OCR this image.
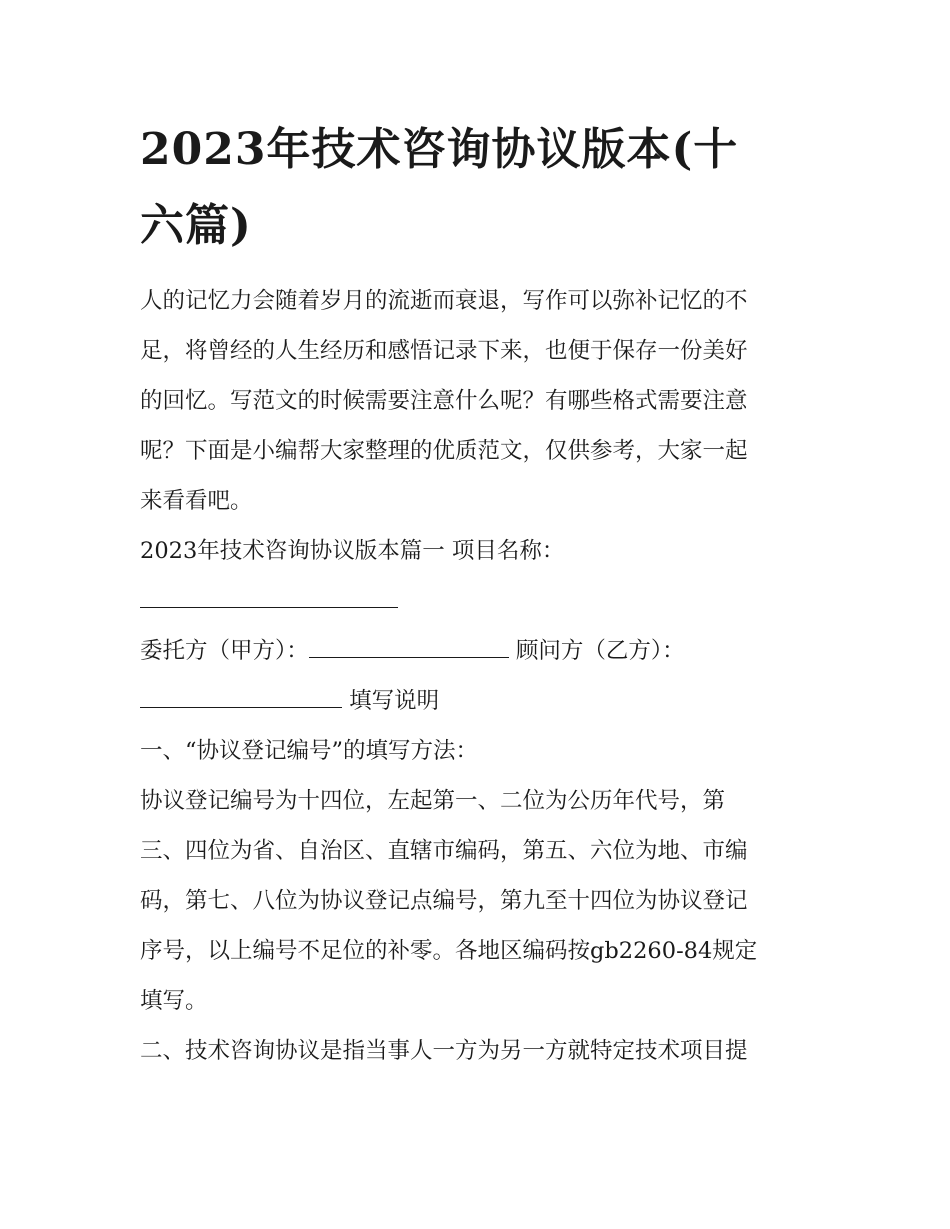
2023年技术咨询协议版本(十
六篇)

人的记忆力会随着岁月的流逝而衰退，写作可以弥补记忆的不
足，将曾经的人生经历和感悟记录下来，也便于保存一份美好
的回忆。写范文的时候需要注意什么呢？有哪些格式需要注意
呢？下面是小编帮大家整理的优质范文，仅供参考，大家一起
来看看吧。

2023年技术咨询协议版本篇一 项目名称：

委托方（甲方）：	顾问方（乙方）：
填写说明

一、“协议登记编号”的填写方法：

协议登记编号为十四位，左起第一、二位为公历年代号，第
三、四位为省、自治区、直辖市编码，第五、六位为地、市编
码，第七、八位为协议登记点编号，第九至十四位为协议登记
序号，以上编号不足位的补零。各地区编码按gb2260-84规定
填写。

二、技术咨询协议是指当事人一方为另一方就特定技术项目提
